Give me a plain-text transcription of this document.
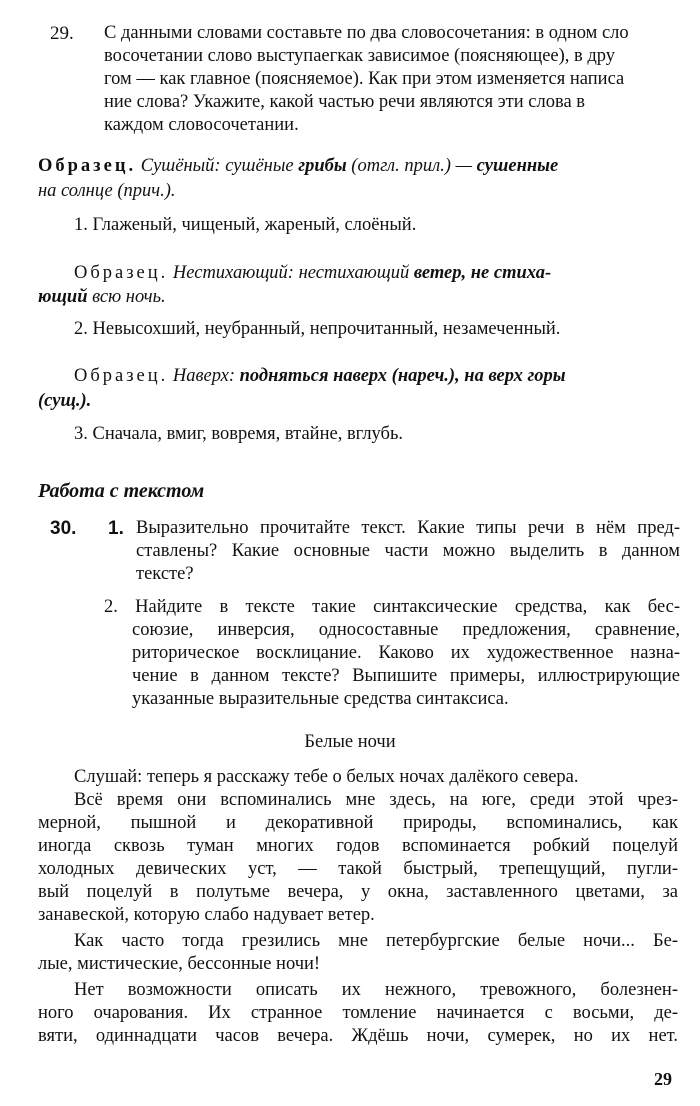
29. С данными словами составьте по два словосочетания: в одном сло
восочетании слово выступаегкак зависимое (поясняющее), в дру
гом — как главное (поясняемое). Как при этом изменяется написа
ние слова? Укажите, какой частью речи являются эти слова в
каждом словосочетании.
Образец. Сушёный: сушёные грибы (отгл. прил.) — сушенные
на солнце (прич.).
1. Глаженый, чищеный, жареный, слоёный.
Образец. Нестихающий: нестихающий ветер, не стиха-
ющий всю ночь.
2. Невысохший, неубранный, непрочитанный, незамеченный.
Образец. Наверх: подняться наверх (нареч.), на верх горы
(сущ.).
3. Сначала, вмиг, вовремя, втайне, вглубь.
Работа с текстом
30. 1. Выразительно прочитайте текст. Какие типы речи в нём пред-
ставлены? Какие основные части можно выделить в данном
тексте?
2. Найдите в тексте такие синтаксические средства, как бес-
союзие, инверсия, односоставные предложения, сравнение,
риторическое восклицание. Каково их художественное назна-
чение в данном тексте? Выпишите примеры, иллюстрирующие
указанные выразительные средства синтаксиса.
Белые ночи
Слушай: теперь я расскажу тебе о белых ночах далёкого севера.
Всё время они вспоминались мне здесь, на юге, среди этой чрез-
мерной, пышной и декоративной природы, вспоминались, как
иногда сквозь туман многих годов вспоминается робкий поцелуй
холодных девических уст, — такой быстрый, трепещущий, пугли-
вый поцелуй в полутьме вечера, у окна, заставленного цветами, за
занавеской, которую слабо надувает ветер.
Как часто тогда грезились мне петербургские белые ночи... Бе-
лые, мистические, бессонные ночи!
Нет возможности описать их нежного, тревожного, болезнен-
ного очарования. Их странное томление начинается с восьми, де-
вяти, одиннадцати часов вечера. Ждёшь ночи, сумерек, но их нет.
29
